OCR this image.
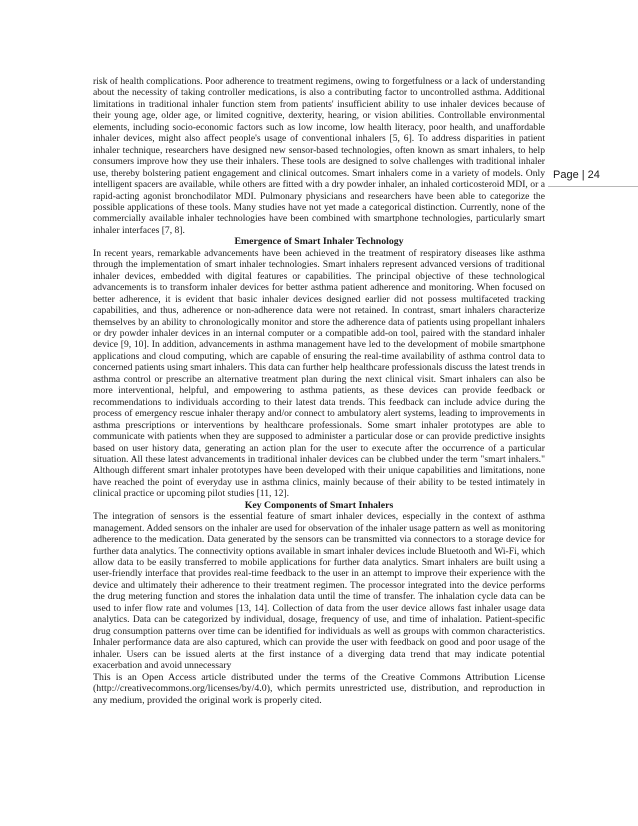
risk of health complications. Poor adherence to treatment regimens, owing to forgetfulness or a lack of understanding about the necessity of taking controller medications, is also a contributing factor to uncontrolled asthma. Additional limitations in traditional inhaler function stem from patients' insufficient ability to use inhaler devices because of their young age, older age, or limited cognitive, dexterity, hearing, or vision abilities. Controllable environmental elements, including socio-economic factors such as low income, low health literacy, poor health, and unaffordable inhaler devices, might also affect people's usage of conventional inhalers [5, 6]. To address disparities in patient inhaler technique, researchers have designed new sensor-based technologies, often known as smart inhalers, to help consumers improve how they use their inhalers. These tools are designed to solve challenges with traditional inhaler use, thereby bolstering patient engagement and clinical outcomes. Smart inhalers come in a variety of models. Only intelligent spacers are available, while others are fitted with a dry powder inhaler, an inhaled corticosteroid MDI, or a rapid-acting agonist bronchodilator MDI. Pulmonary physicians and researchers have been able to categorize the possible applications of these tools. Many studies have not yet made a categorical distinction. Currently, none of the commercially available inhaler technologies have been combined with smartphone technologies, particularly smart inhaler interfaces [7, 8].

Emergence of Smart Inhaler Technology

In recent years, remarkable advancements have been achieved in the treatment of respiratory diseases like asthma through the implementation of smart inhaler technologies. Smart inhalers represent advanced versions of traditional inhaler devices, embedded with digital features or capabilities. The principal objective of these technological advancements is to transform inhaler devices for better asthma patient adherence and monitoring. When focused on better adherence, it is evident that basic inhaler devices designed earlier did not possess multifaceted tracking capabilities, and thus, adherence or non-adherence data were not retained. In contrast, smart inhalers characterize themselves by an ability to chronologically monitor and store the adherence data of patients using propellant inhalers or dry powder inhaler devices in an internal computer or a compatible add-on tool, paired with the standard inhaler device [9, 10]. In addition, advancements in asthma management have led to the development of mobile smartphone applications and cloud computing, which are capable of ensuring the real-time availability of asthma control data to concerned patients using smart inhalers. This data can further help healthcare professionals discuss the latest trends in asthma control or prescribe an alternative treatment plan during the next clinical visit. Smart inhalers can also be more interventional, helpful, and empowering to asthma patients, as these devices can provide feedback or recommendations to individuals according to their latest data trends. This feedback can include advice during the process of emergency rescue inhaler therapy and/or connect to ambulatory alert systems, leading to improvements in asthma prescriptions or interventions by healthcare professionals. Some smart inhaler prototypes are able to communicate with patients when they are supposed to administer a particular dose or can provide predictive insights based on user history data, generating an action plan for the user to execute after the occurrence of a particular situation. All these latest advancements in traditional inhaler devices can be clubbed under the term "smart inhalers." Although different smart inhaler prototypes have been developed with their unique capabilities and limitations, none have reached the point of everyday use in asthma clinics, mainly because of their ability to be tested intimately in clinical practice or upcoming pilot studies [11, 12].

Key Components of Smart Inhalers

The integration of sensors is the essential feature of smart inhaler devices, especially in the context of asthma management. Added sensors on the inhaler are used for observation of the inhaler usage pattern as well as monitoring adherence to the medication. Data generated by the sensors can be transmitted via connectors to a storage device for further data analytics. The connectivity options available in smart inhaler devices include Bluetooth and Wi-Fi, which allow data to be easily transferred to mobile applications for further data analytics. Smart inhalers are built using a user-friendly interface that provides real-time feedback to the user in an attempt to improve their experience with the device and ultimately their adherence to their treatment regimen. The processor integrated into the device performs the drug metering function and stores the inhalation data until the time of transfer. The inhalation cycle data can be used to infer flow rate and volumes [13, 14]. Collection of data from the user device allows fast inhaler usage data analytics. Data can be categorized by individual, dosage, frequency of use, and time of inhalation. Patient-specific drug consumption patterns over time can be identified for individuals as well as groups with common characteristics. Inhaler performance data are also captured, which can provide the user with feedback on good and poor usage of the inhaler. Users can be issued alerts at the first instance of a diverging data trend that may indicate potential exacerbation and avoid unnecessary

This is an Open Access article distributed under the terms of the Creative Commons Attribution License (http://creativecommons.org/licenses/by/4.0), which permits unrestricted use, distribution, and reproduction in any medium, provided the original work is properly cited.

Page | 24
